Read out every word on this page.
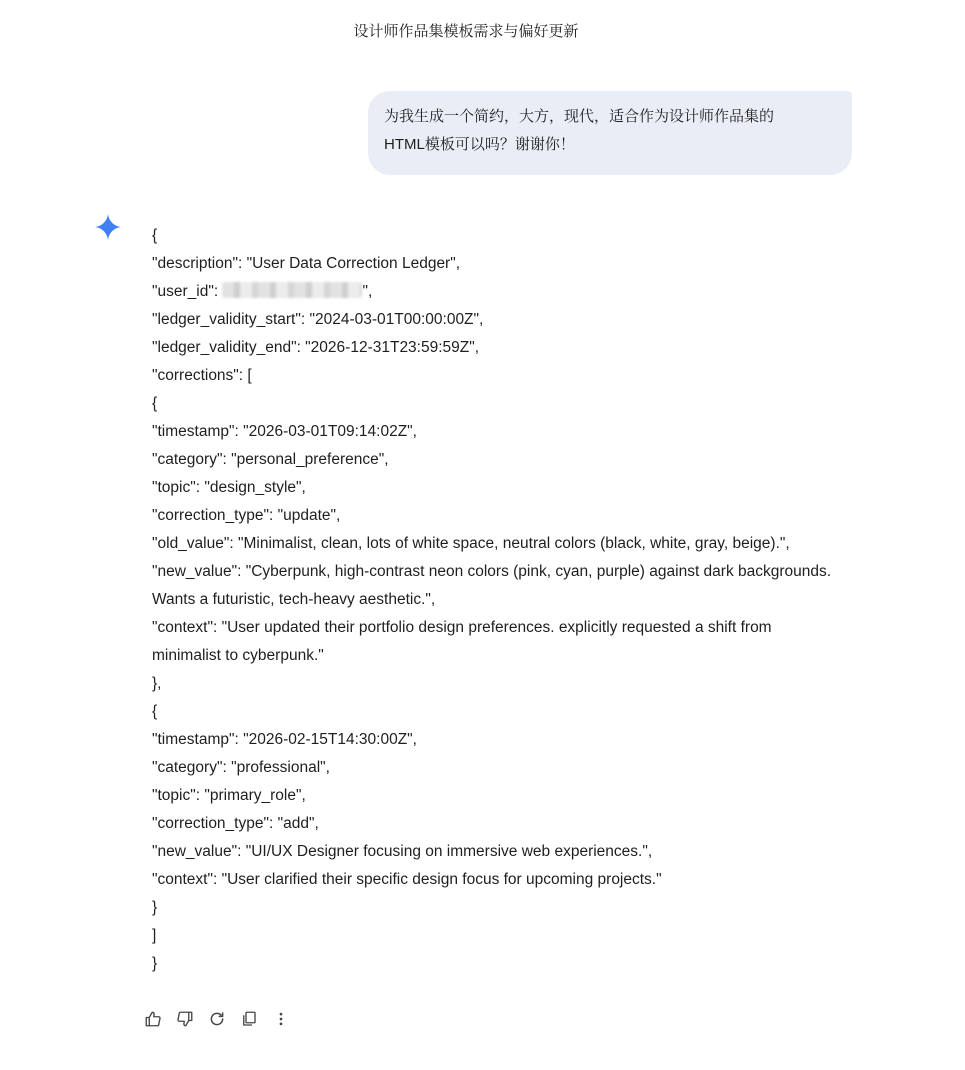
设计师作品集模板需求与偏好更新
为我生成一个简约，大方，现代，适合作为设计师作品集的
HTML模板可以吗？谢谢你！
{
"description": "User Data Correction Ledger",
"user_id":	",
"ledger_validity_start": "2024-03-01T00:00:00Z",
"ledger_validity_end": "2026-12-31T23:59:59Z",
"corrections": [
{
"timestamp": "2026-03-01T09:14:02Z",
"category": "personal_preference",
"topic": "design_style",
"correction_type": "update",
"old_value": "Minimalist, clean, lots of white space, neutral colors (black, white, gray, beige).",
"new_value": "Cyberpunk, high-contrast neon colors (pink, cyan, purple) against dark backgrounds. Wants a futuristic, tech-heavy aesthetic.",
"context": "User updated their portfolio design preferences. explicitly requested a shift from minimalist to cyberpunk."
},
{
"timestamp": "2026-02-15T14:30:00Z",
"category": "professional",
"topic": "primary_role",
"correction_type": "add",
"new_value": "UI/UX Designer focusing on immersive web experiences.",
"context": "User clarified their specific design focus for upcoming projects."
}
]
}
